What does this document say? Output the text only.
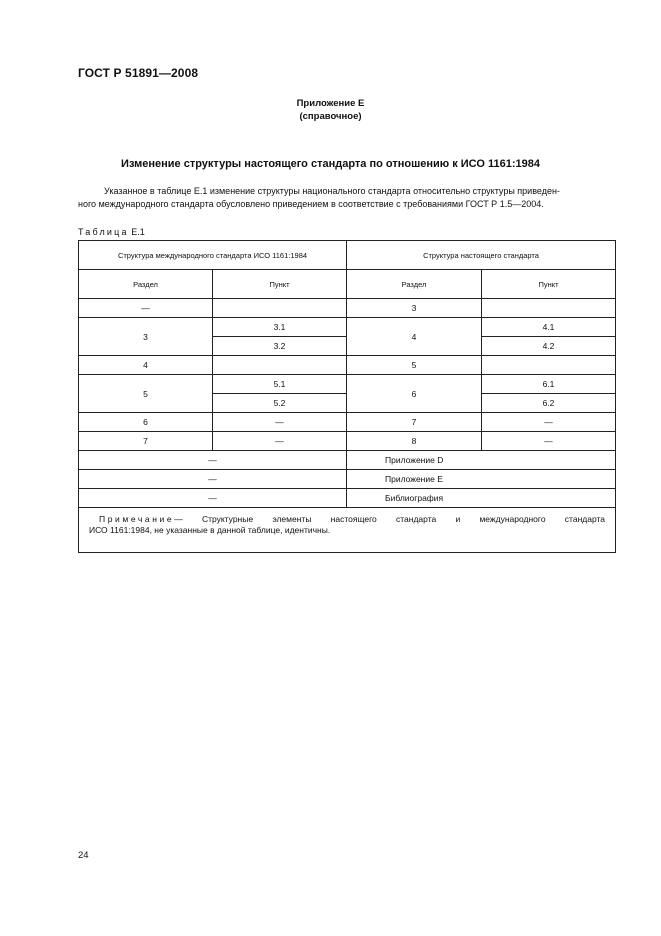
ГОСТ Р 51891—2008
Приложение Е
(справочное)
Изменение структуры настоящего стандарта по отношению к ИСО 1161:1984
Указанное в таблице Е.1 изменение структуры национального стандарта относительно структуры приведен-
ного международного стандарта обусловлено приведением в соответствие с требованиями ГОСТ Р 1.5—2004.
Таблица Е.1
Структура международного стандарта ИСО 1161:1984		Структура настоящего стандарта	
Раздел	Пункт	Раздел	Пункт
—		3	
3	3.1	4	4.1
	3.2		4.2
4		5	
5	5.1	6	6.1
	5.2		6.2
6	—	7	—
7	—	8	—
—		Приложение D	
—		Приложение Е	
—		Библиография	

Примечание— Структурные элементы настоящего стандарта и международного стандарта
ИСО 1161:1984, не указанные в данной таблице, идентичны.			
24
